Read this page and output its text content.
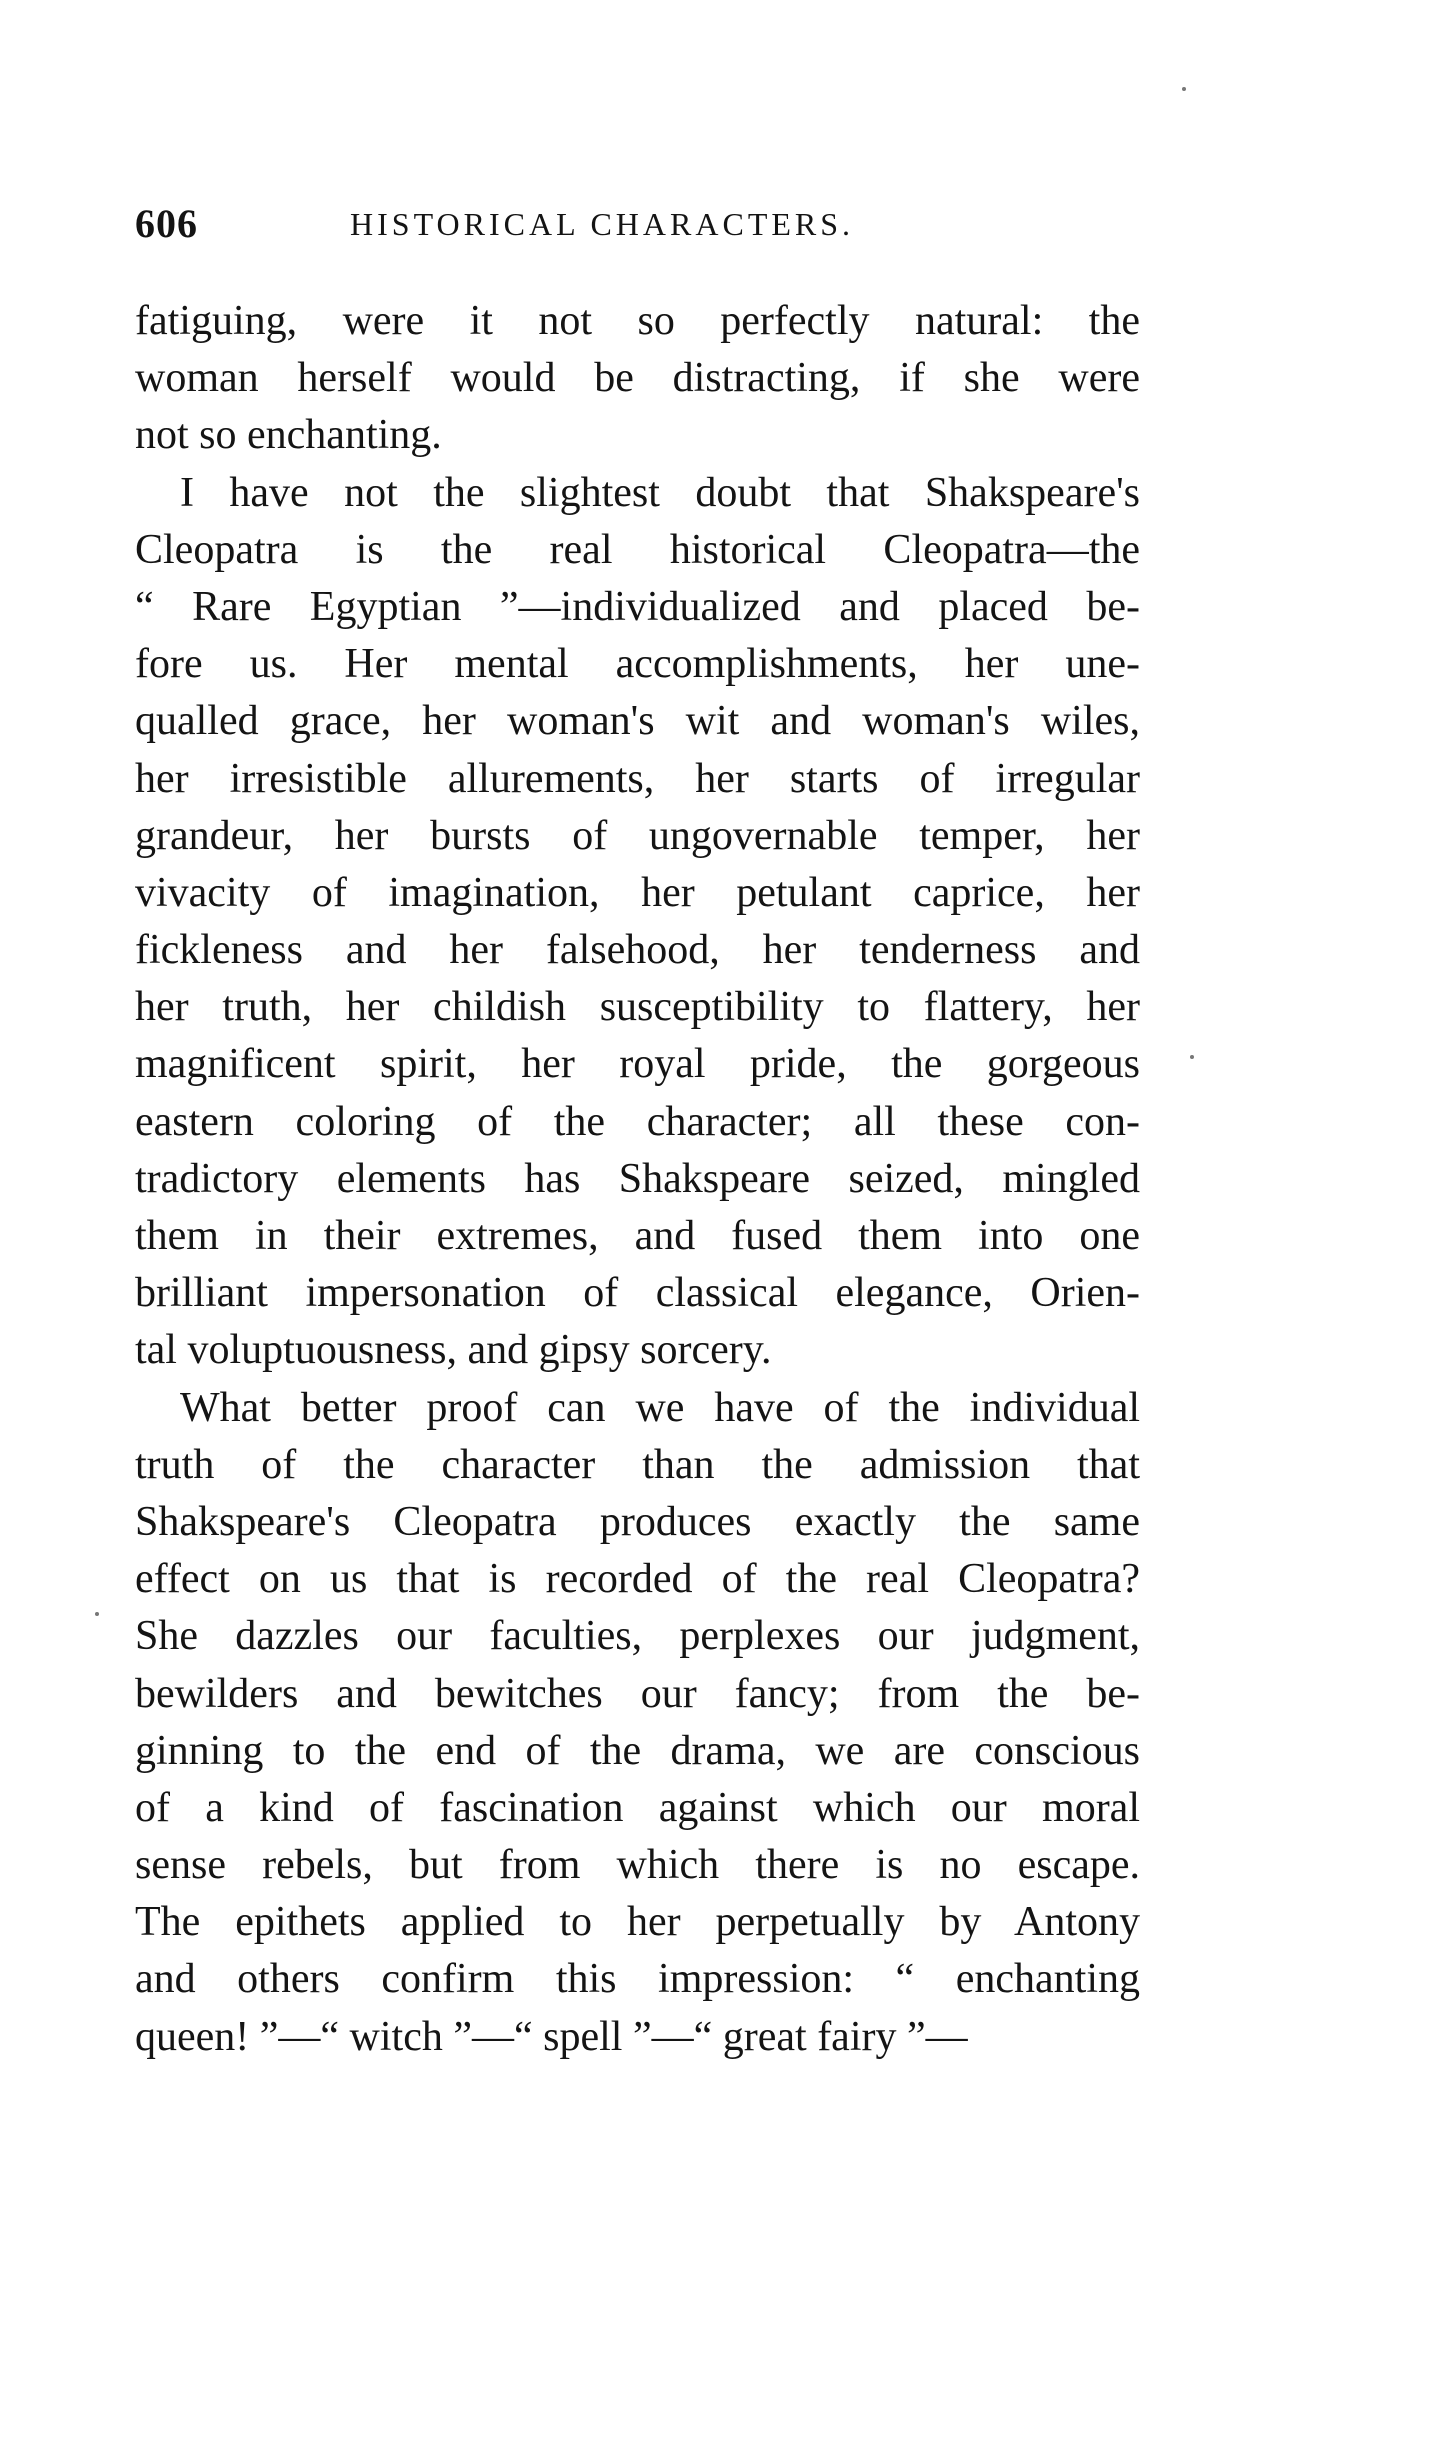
606	HISTORICAL CHARACTERS.
fatiguing, were it not so perfectly natural: the
woman herself would be distracting, if she were
not so enchanting.
I have not the slightest doubt that Shakspeare's
Cleopatra is the real historical Cleopatra—the
“ Rare Egyptian ”—individualized and placed be-
fore us. Her mental accomplishments, her une-
qualled grace, her woman's wit and woman's wiles,
her irresistible allurements, her starts of irregular
grandeur, her bursts of ungovernable temper, her
vivacity of imagination, her petulant caprice, her
fickleness and her falsehood, her tenderness and
her truth, her childish susceptibility to flattery, her
magnificent spirit, her royal pride, the gorgeous
eastern coloring of the character; all these con-
tradictory elements has Shakspeare seized, mingled
them in their extremes, and fused them into one
brilliant impersonation of classical elegance, Orien-
tal voluptuousness, and gipsy sorcery.
What better proof can we have of the individual
truth of the character than the admission that
Shakspeare's Cleopatra produces exactly the same
effect on us that is recorded of the real Cleopatra?
She dazzles our faculties, perplexes our judgment,
bewilders and bewitches our fancy; from the be-
ginning to the end of the drama, we are conscious
of a kind of fascination against which our moral
sense rebels, but from which there is no escape.
The epithets applied to her perpetually by Antony
and others confirm this impression: “ enchanting
queen! ”—“ witch ”—“ spell ”—“ great fairy ”—
